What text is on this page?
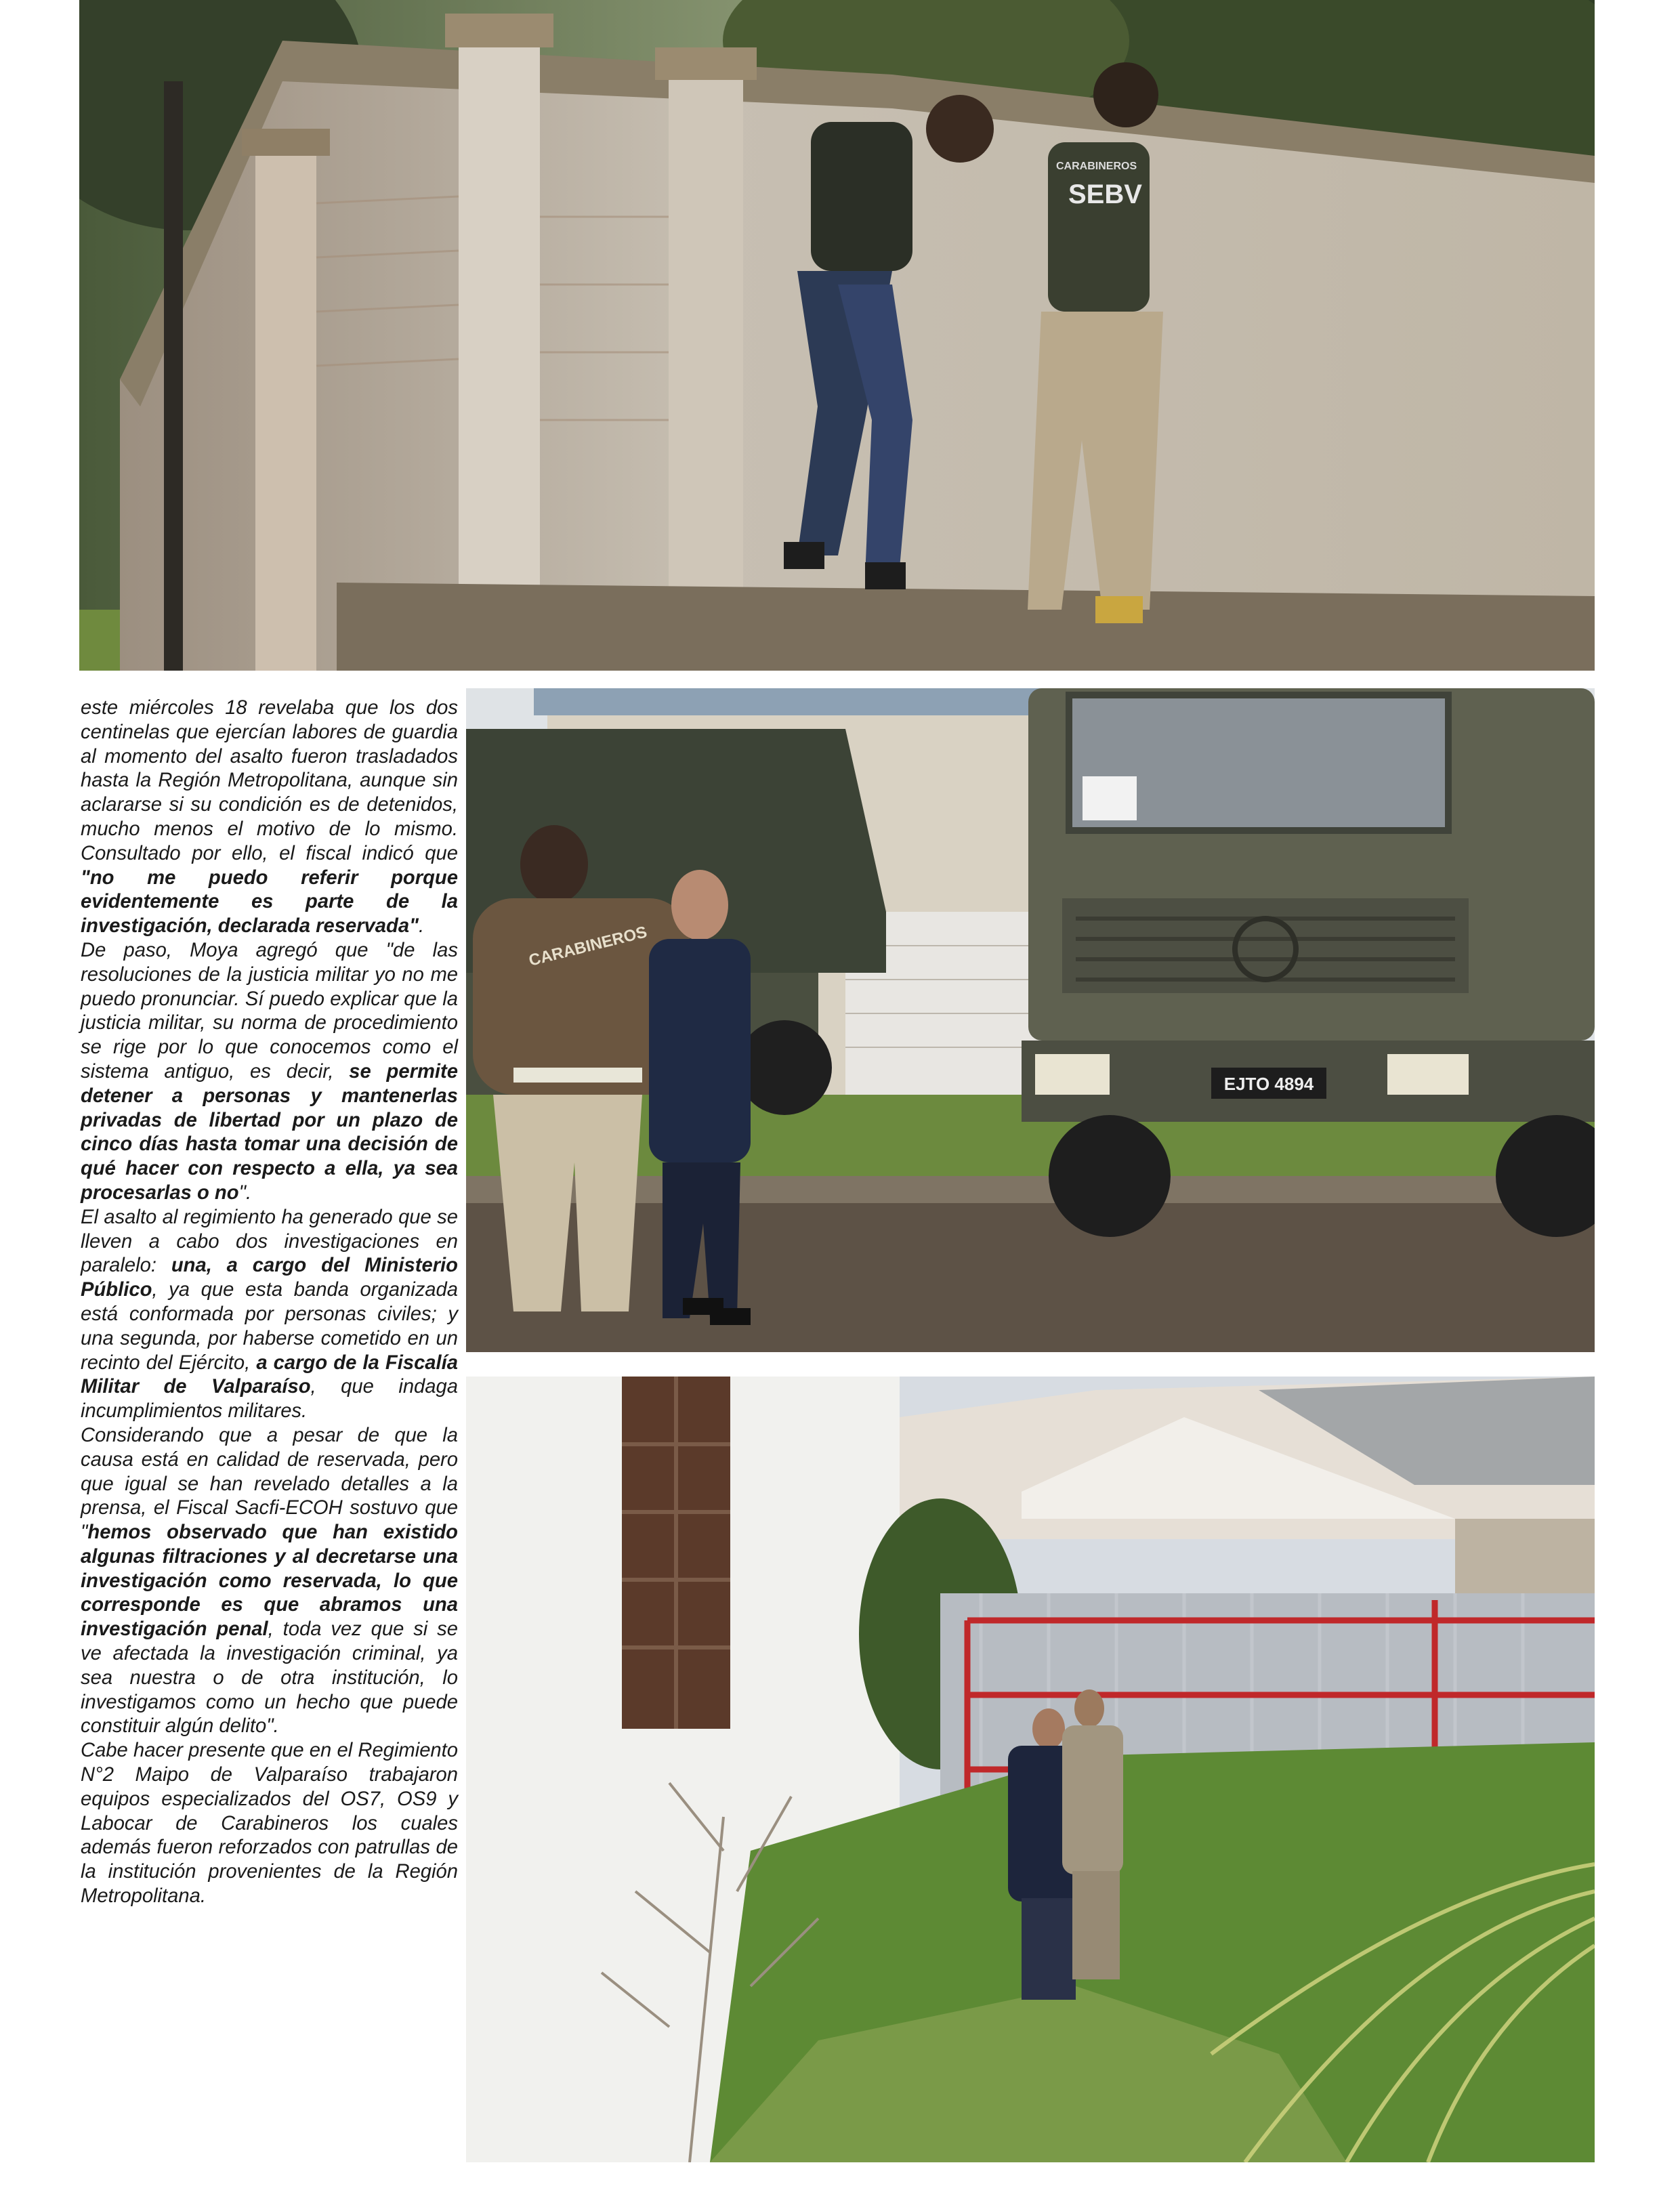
SEBV
CARABINEROS

este miércoles 18 revelaba que los dos centinelas que ejercían labores de guardia al momento del asalto fueron trasladados hasta la Región Metropolitana, aunque sin aclararse si su condición es de detenidos, mucho menos el motivo de lo mismo. Consultado por ello, el fiscal indicó que "no me puedo referir porque evidentemente es parte de la investigación, declarada reservada".

De paso, Moya agregó que "de las resoluciones de la justicia militar yo no me puedo pronunciar. Sí puedo explicar que la justicia militar, su norma de procedimiento se rige por lo que conocemos como el sistema antiguo, es decir, se permite detener a personas y mantenerlas privadas de libertad por un plazo de cinco días hasta tomar una decisión de qué hacer con respecto a ella, ya sea procesarlas o no".

El asalto al regimiento ha generado que se lleven a cabo dos investigaciones en paralelo: una, a cargo del Ministerio Público, ya que esta banda organizada está conformada por personas civiles; y una segunda, por haberse cometido en un recinto del Ejército, a cargo de la Fiscalía Militar de Valparaíso, que indaga incumplimientos militares.

Considerando que a pesar de que la causa está en calidad de reservada, pero que igual se han revelado detalles a la prensa, el Fiscal Sacfi-ECOH sostuvo que "hemos observado que han existido algunas filtraciones y al decretarse una investigación como reservada, lo que corresponde es que abramos una investigación penal, toda vez que si se ve afectada la investigación criminal, ya sea nuestra o de otra institución, lo investigamos como un hecho que puede constituir algún delito".

Cabe hacer presente que en el Regimiento N°2 Maipo de Valparaíso trabajaron equipos especializados del OS7, OS9 y Labocar de Carabineros los cuales además fueron reforzados con patrullas de la institución provenientes de la Región Metropolitana.

EJTO 4894
CARABINEROS
